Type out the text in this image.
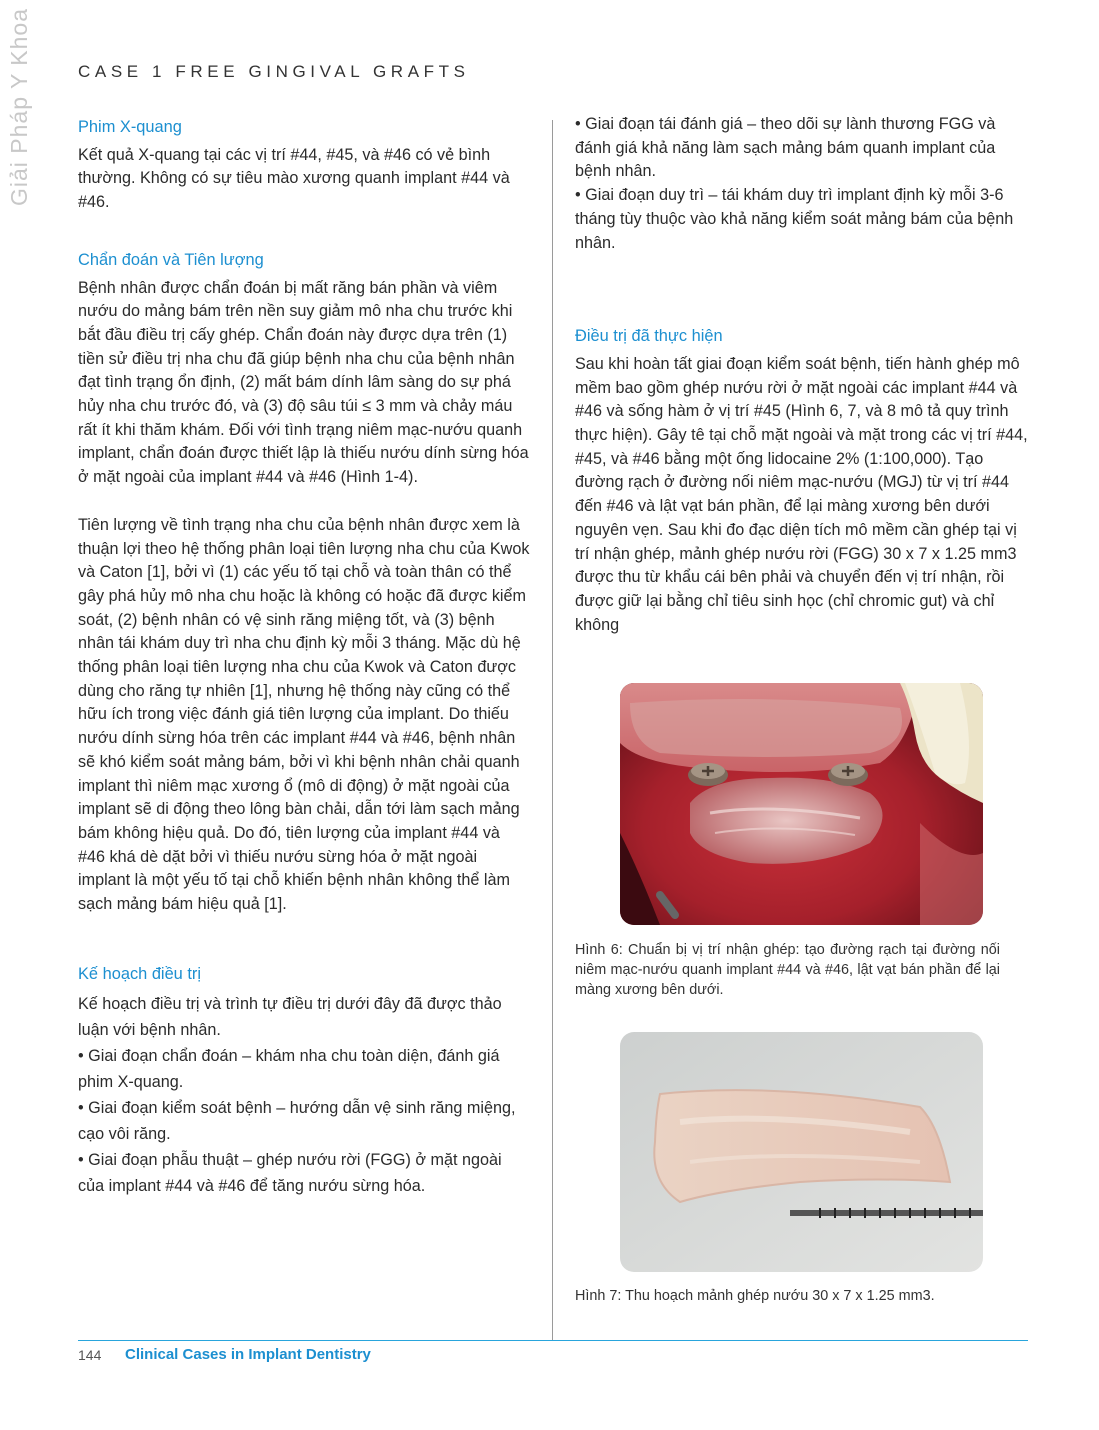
Giải Pháp Y Khoa	CASE 1 FREE GINGIVAL GRAFTS
Phim X-quang

Kết quả X-quang tại các vị trí #44, #45, và #46 có vẻ bình thường. Không có sự tiêu mào xương quanh implant #44 và #46.

Chẩn đoán và Tiên lượng

Bệnh nhân được chẩn đoán bị mất răng bán phần và viêm nướu do mảng bám trên nền suy giảm mô nha chu trước khi bắt đầu điều trị cấy ghép. Chẩn đoán này được dựa trên (1) tiền sử điều trị nha chu đã giúp bệnh nha chu của bệnh nhân đạt tình trạng ổn định, (2) mất bám dính lâm sàng do sự phá hủy nha chu trước đó, và (3) độ sâu túi ≤ 3 mm và chảy máu rất ít khi thăm khám. Đối với tình trạng niêm mạc-nướu quanh implant, chẩn đoán được thiết lập là thiếu nướu dính sừng hóa ở mặt ngoài của implant #44 và #46 (Hình 1-4).

Tiên lượng về tình trạng nha chu của bệnh nhân được xem là thuận lợi theo hệ thống phân loại tiên lượng nha chu của Kwok và Caton [1], bởi vì (1) các yếu tố tại chỗ và toàn thân có thể gây phá hủy mô nha chu hoặc là không có hoặc đã được kiểm soát, (2) bệnh nhân có vệ sinh răng miệng tốt, và (3) bệnh nhân tái khám duy trì nha chu định kỳ mỗi 3 tháng. Mặc dù hệ thống phân loại tiên lượng nha chu của Kwok và Caton được dùng cho răng tự nhiên [1], nhưng hệ thống này cũng có thể hữu ích trong việc đánh giá tiên lượng của implant. Do thiếu nướu dính sừng hóa trên các implant #44 và #46, bệnh nhân sẽ khó kiểm soát mảng bám, bởi vì khi bệnh nhân chải quanh implant thì niêm mạc xương ổ (mô di động) ở mặt ngoài của implant sẽ di động theo lông bàn chải, dẫn tới làm sạch mảng bám không hiệu quả. Do đó, tiên lượng của implant #44 và #46 khá dè dặt bởi vì thiếu nướu sừng hóa ở mặt ngoài implant là một yếu tố tại chỗ khiến bệnh nhân không thể làm sạch mảng bám hiệu quả [1].

Kế hoạch điều trị

Kế hoạch điều trị và trình tự điều trị dưới đây đã được thảo luận với bệnh nhân.

• Giai đoạn chẩn đoán – khám nha chu toàn diện, đánh giá phim X-quang.
• Giai đoạn kiểm soát bệnh – hướng dẫn vệ sinh răng miệng, cạo vôi răng.
• Giai đoạn phẫu thuật – ghép nướu rời (FGG) ở mặt ngoài của implant #44 và #46 để tăng nướu sừng hóa.
• Giai đoạn tái đánh giá – theo dõi sự lành thương FGG và đánh giá khả năng làm sạch mảng bám quanh implant của bệnh nhân.
• Giai đoạn duy trì – tái khám duy trì implant định kỳ mỗi 3-6 tháng tùy thuộc vào khả năng kiểm soát mảng bám của bệnh nhân.
Điều trị đã thực hiện

Sau khi hoàn tất giai đoạn kiểm soát bệnh, tiến hành ghép mô mềm bao gồm ghép nướu rời ở mặt ngoài các implant #44 và #46 và sống hàm ở vị trí #45 (Hình 6, 7, và 8 mô tả quy trình thực hiện). Gây tê tại chỗ mặt ngoài và mặt trong các vị trí #44, #45, và #46 bằng một ống lidocaine 2% (1:100,000). Tạo đường rạch ở đường nối niêm mạc-nướu (MGJ) từ vị trí #44 đến #46 và lật vạt bán phần, để lại màng xương bên dưới nguyên vẹn. Sau khi đo đạc diện tích mô mềm cần ghép tại vị trí nhận ghép, mảnh ghép nướu rời (FGG) 30 x 7 x 1.25 mm3 được thu từ khẩu cái bên phải và chuyển đến vị trí nhận, rồi được giữ lại bằng chỉ tiêu sinh học (chỉ chromic gut) và chỉ không

Hình 6: Chuẩn bị vị trí nhận ghép: tạo đường rạch tại đường nối niêm mạc-nướu quanh implant #44 và #46, lật vạt bán phần để lại màng xương bên dưới.
Hình 7: Thu hoạch mảnh ghép nướu 30 x 7 x 1.25 mm3.
144 Clinical Cases in Implant Dentistry
